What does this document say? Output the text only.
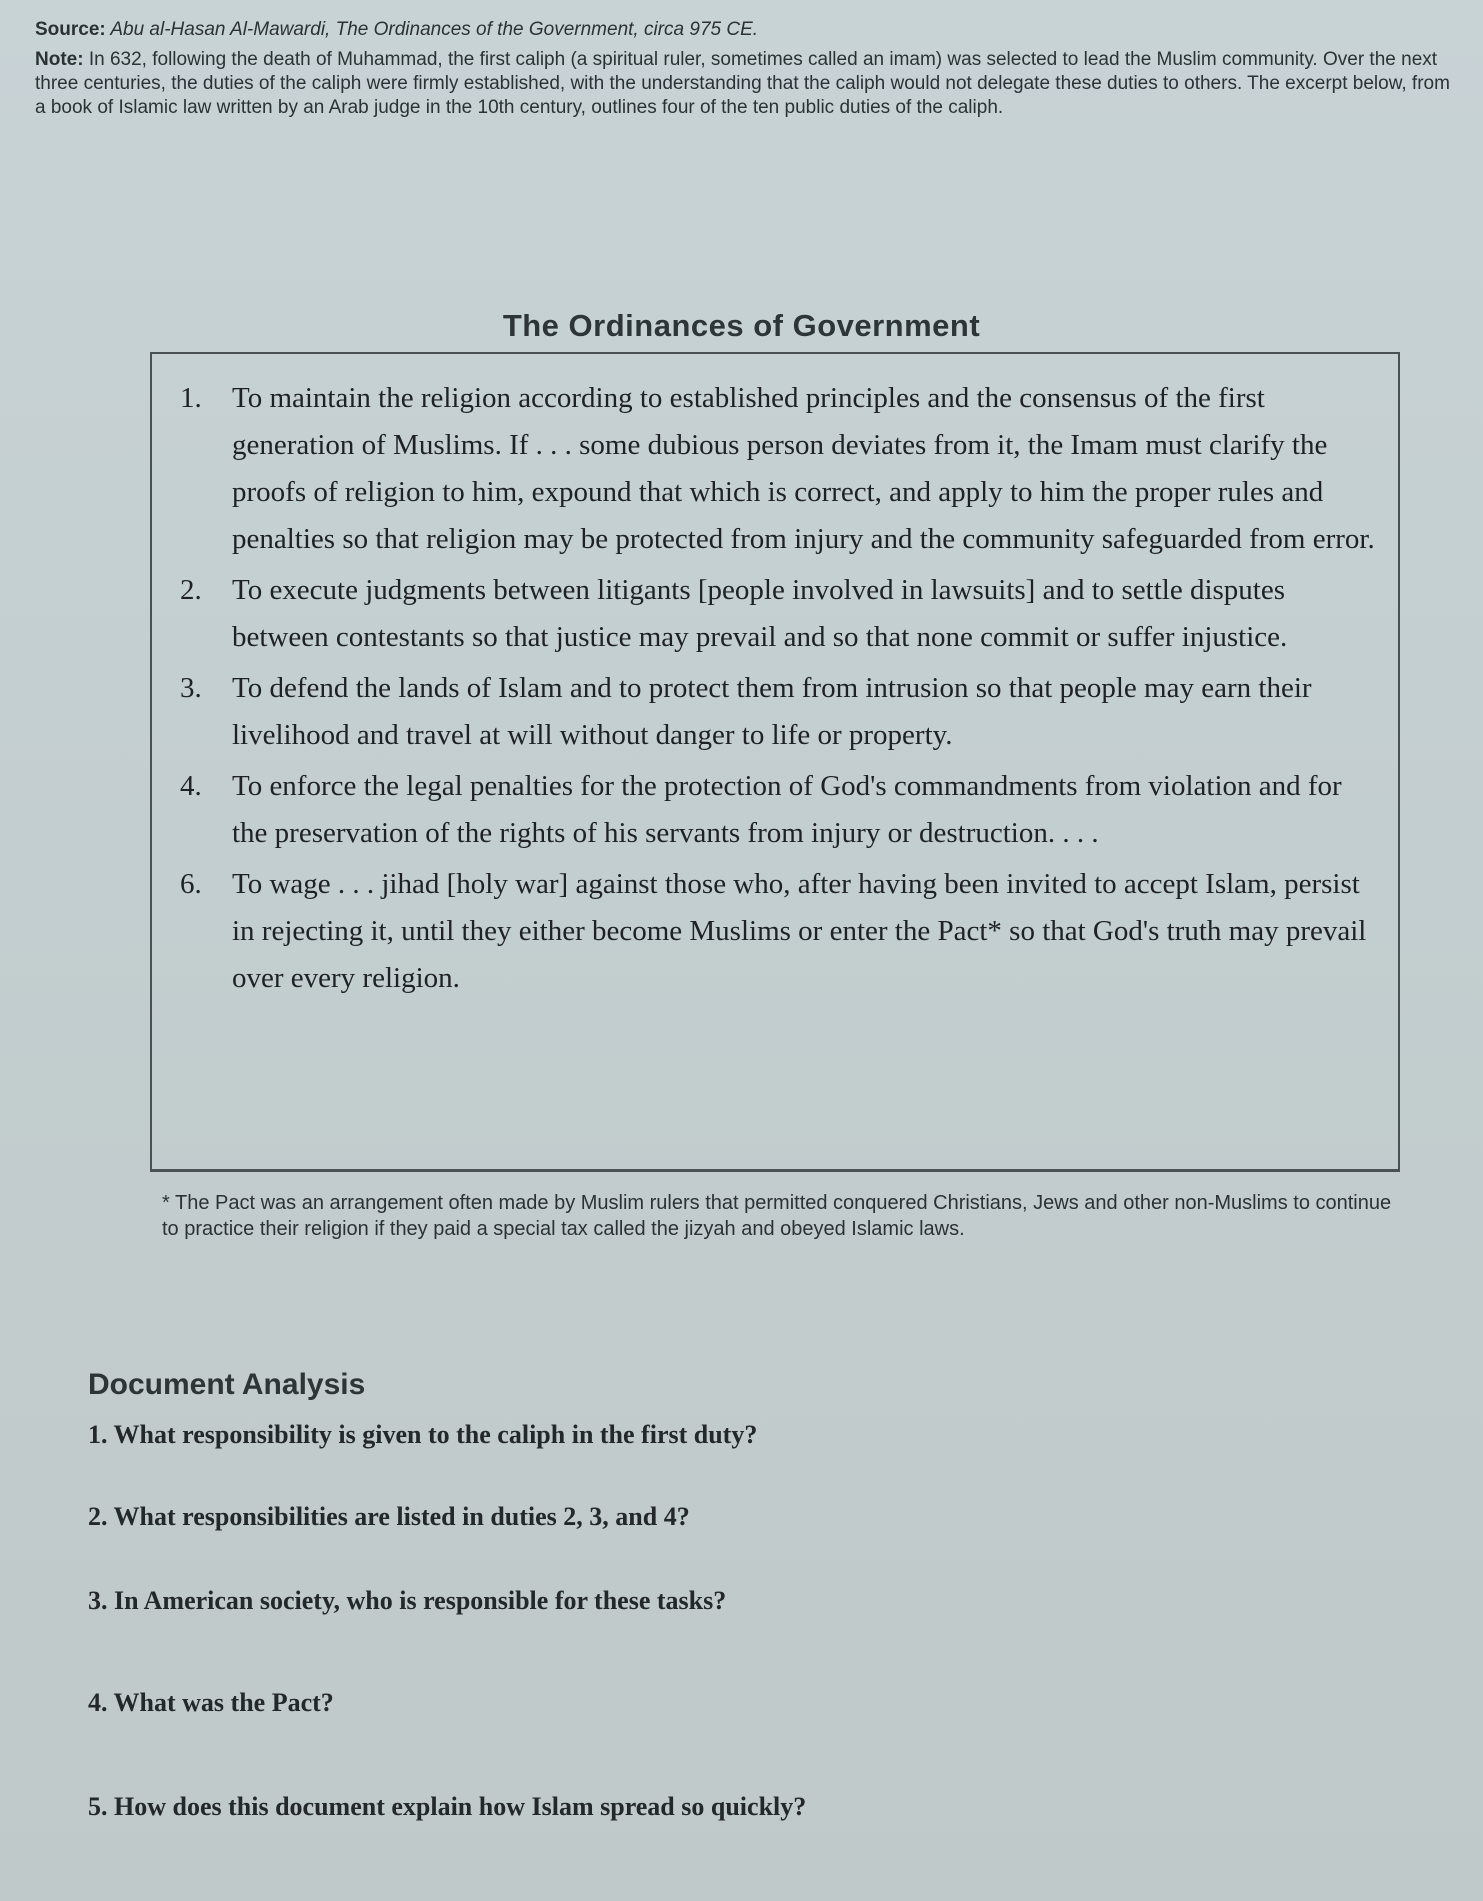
Source: Abu al-Hasan Al-Mawardi, The Ordinances of the Government, circa 975 CE.
Note: In 632, following the death of Muhammad, the first caliph (a spiritual ruler, sometimes called an imam) was selected to lead the Muslim community. Over the next three centuries, the duties of the caliph were firmly established, with the understanding that the caliph would not delegate these duties to others. The excerpt below, from a book of Islamic law written by an Arab judge in the 10th century, outlines four of the ten public duties of the caliph.
The Ordinances of Government
1. To maintain the religion according to established principles and the consensus of the first generation of Muslims. If . . . some dubious person deviates from it, the Imam must clarify the proofs of religion to him, expound that which is correct, and apply to him the proper rules and penalties so that religion may be protected from injury and the community safeguarded from error.
2. To execute judgments between litigants [people involved in lawsuits] and to settle disputes between contestants so that justice may prevail and so that none commit or suffer injustice.
3. To defend the lands of Islam and to protect them from intrusion so that people may earn their livelihood and travel at will without danger to life or property.
4. To enforce the legal penalties for the protection of God's commandments from violation and for the preservation of the rights of his servants from injury or destruction. . . .
6. To wage . . . jihad [holy war] against those who, after having been invited to accept Islam, persist in rejecting it, until they either become Muslims or enter the Pact* so that God's truth may prevail over every religion.
* The Pact was an arrangement often made by Muslim rulers that permitted conquered Christians, Jews and other non-Muslims to continue to practice their religion if they paid a special tax called the jizyah and obeyed Islamic laws.
Document Analysis
1. What responsibility is given to the caliph in the first duty?
2. What responsibilities are listed in duties 2, 3, and 4?
3. In American society, who is responsible for these tasks?
4. What was the Pact?
5. How does this document explain how Islam spread so quickly?
